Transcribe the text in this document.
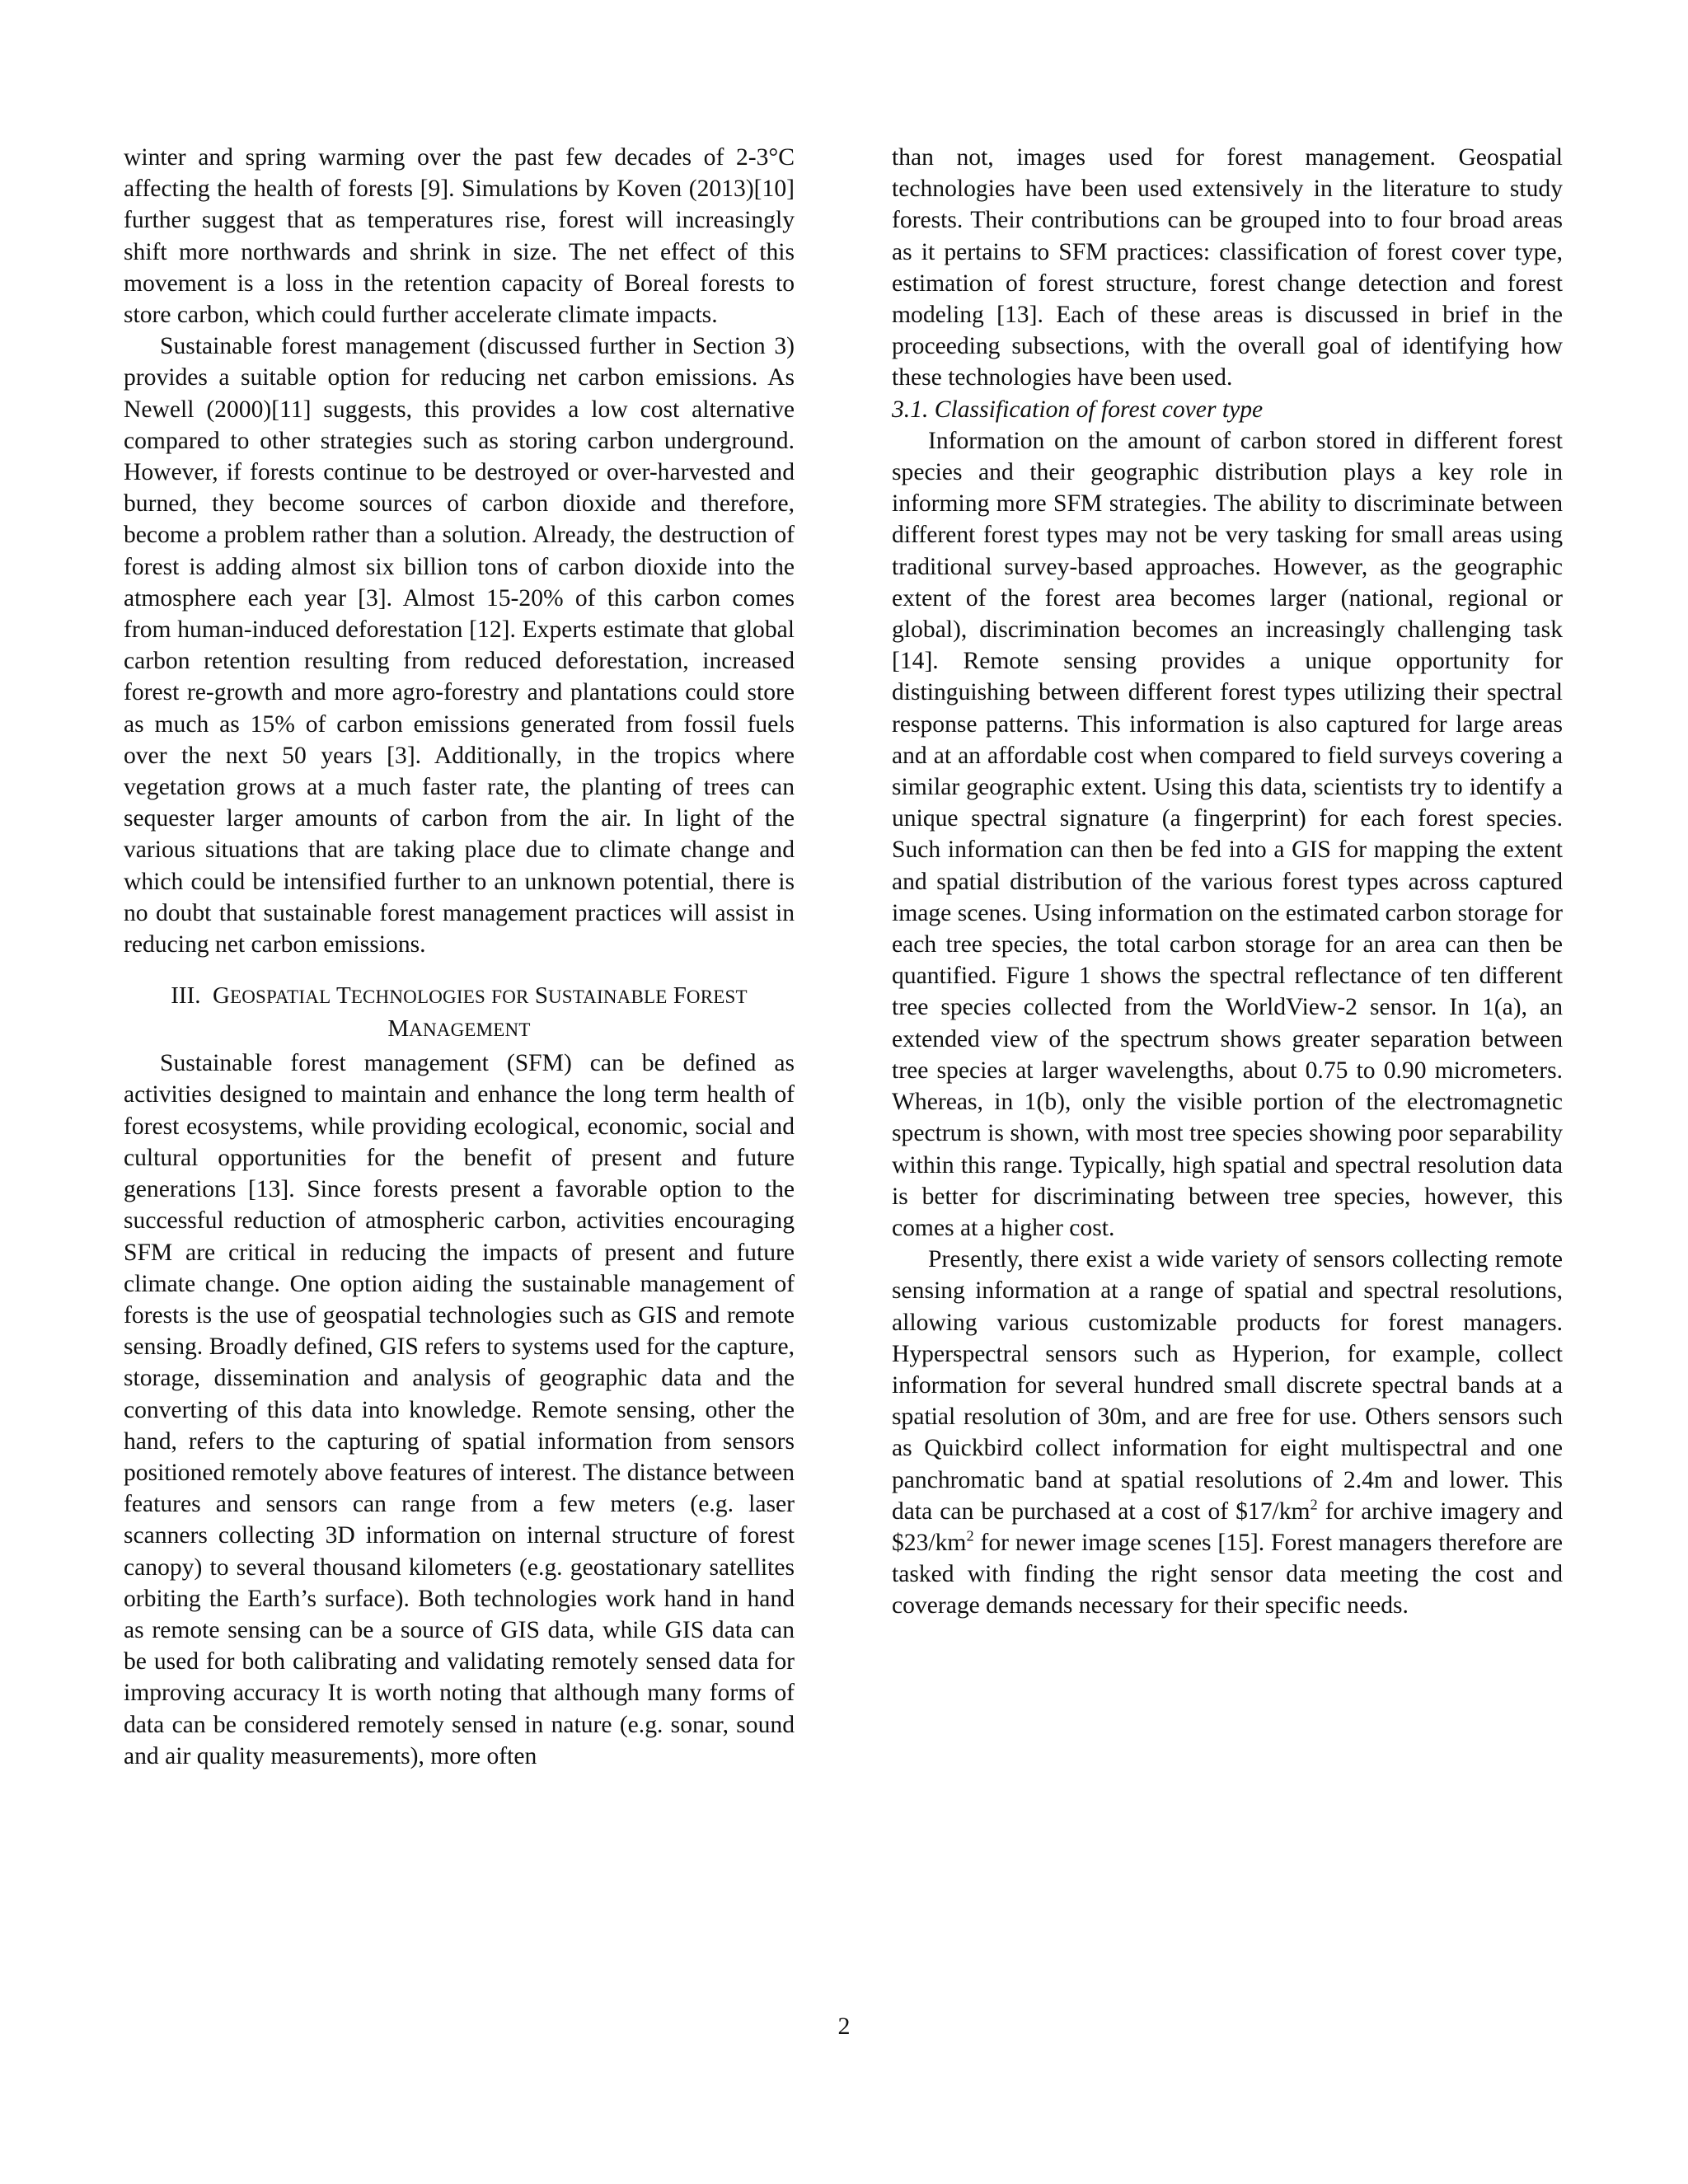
winter and spring warming over the past few decades of 2-3°C affecting the health of forests [9]. Simulations by Koven (2013)[10] further suggest that as temperatures rise, forest will increasingly shift more northwards and shrink in size. The net effect of this movement is a loss in the retention capacity of Boreal forests to store carbon, which could further accelerate climate impacts.

Sustainable forest management (discussed further in Section 3) provides a suitable option for reducing net carbon emissions. As Newell (2000)[11] suggests, this provides a low cost alternative compared to other strategies such as storing carbon underground. However, if forests continue to be destroyed or over-harvested and burned, they become sources of carbon dioxide and therefore, become a problem rather than a solution. Already, the destruction of forest is adding almost six billion tons of carbon dioxide into the atmosphere each year [3]. Almost 15-20% of this carbon comes from human-induced deforestation [12]. Experts estimate that global carbon retention resulting from reduced deforestation, increased forest re-growth and more agro-forestry and plantations could store as much as 15% of carbon emissions generated from fossil fuels over the next 50 years [3]. Additionally, in the tropics where vegetation grows at a much faster rate, the planting of trees can sequester larger amounts of carbon from the air. In light of the various situations that are taking place due to climate change and which could be intensified further to an unknown potential, there is no doubt that sustainable forest management practices will assist in reducing net carbon emissions.

III. GEOSPATIAL TECHNOLOGIES FOR SUSTAINABLE FOREST MANAGEMENT

Sustainable forest management (SFM) can be defined as activities designed to maintain and enhance the long term health of forest ecosystems, while providing ecological, economic, social and cultural opportunities for the benefit of present and future generations [13]. Since forests present a favorable option to the successful reduction of atmospheric carbon, activities encouraging SFM are critical in reducing the impacts of present and future climate change. One option aiding the sustainable management of forests is the use of geospatial technologies such as GIS and remote sensing. Broadly defined, GIS refers to systems used for the capture, storage, dissemination and analysis of geographic data and the converting of this data into knowledge. Remote sensing, other the hand, refers to the capturing of spatial information from sensors positioned remotely above features of interest. The distance between features and sensors can range from a few meters (e.g. laser scanners collecting 3D information on internal structure of forest canopy) to several thousand kilometers (e.g. geostationary satellites orbiting the Earth’s surface). Both technologies work hand in hand as remote sensing can be a source of GIS data, while GIS data can be used for both calibrating and validating remotely sensed data for improving accuracy It is worth noting that although many forms of data can be considered remotely sensed in nature (e.g. sonar, sound and air quality measurements), more often

than not, images used for forest management. Geospatial technologies have been used extensively in the literature to study forests. Their contributions can be grouped into to four broad areas as it pertains to SFM practices: classification of forest cover type, estimation of forest structure, forest change detection and forest modeling [13]. Each of these areas is discussed in brief in the proceeding subsections, with the overall goal of identifying how these technologies have been used.

3.1. Classification of forest cover type

Information on the amount of carbon stored in different forest species and their geographic distribution plays a key role in informing more SFM strategies. The ability to discriminate between different forest types may not be very tasking for small areas using traditional survey-based approaches. However, as the geographic extent of the forest area becomes larger (national, regional or global), discrimination becomes an increasingly challenging task [14]. Remote sensing provides a unique opportunity for distinguishing between different forest types utilizing their spectral response patterns. This information is also captured for large areas and at an affordable cost when compared to field surveys covering a similar geographic extent. Using this data, scientists try to identify a unique spectral signature (a fingerprint) for each forest species. Such information can then be fed into a GIS for mapping the extent and spatial distribution of the various forest types across captured image scenes. Using information on the estimated carbon storage for each tree species, the total carbon storage for an area can then be quantified. Figure 1 shows the spectral reflectance of ten different tree species collected from the WorldView-2 sensor. In 1(a), an extended view of the spectrum shows greater separation between tree species at larger wavelengths, about 0.75 to 0.90 micrometers. Whereas, in 1(b), only the visible portion of the electromagnetic spectrum is shown, with most tree species showing poor separability within this range. Typically, high spatial and spectral resolution data is better for discriminating between tree species, however, this comes at a higher cost.

Presently, there exist a wide variety of sensors collecting remote sensing information at a range of spatial and spectral resolutions, allowing various customizable products for forest managers. Hyperspectral sensors such as Hyperion, for example, collect information for several hundred small discrete spectral bands at a spatial resolution of 30m, and are free for use. Others sensors such as Quickbird collect information for eight multispectral and one panchromatic band at spatial resolutions of 2.4m and lower. This data can be purchased at a cost of $\$17/km^2$ for archive imagery and $\$23/km^2$ for newer image scenes [15]. Forest managers therefore are tasked with finding the right sensor data meeting the cost and coverage demands necessary for their specific needs.

2
